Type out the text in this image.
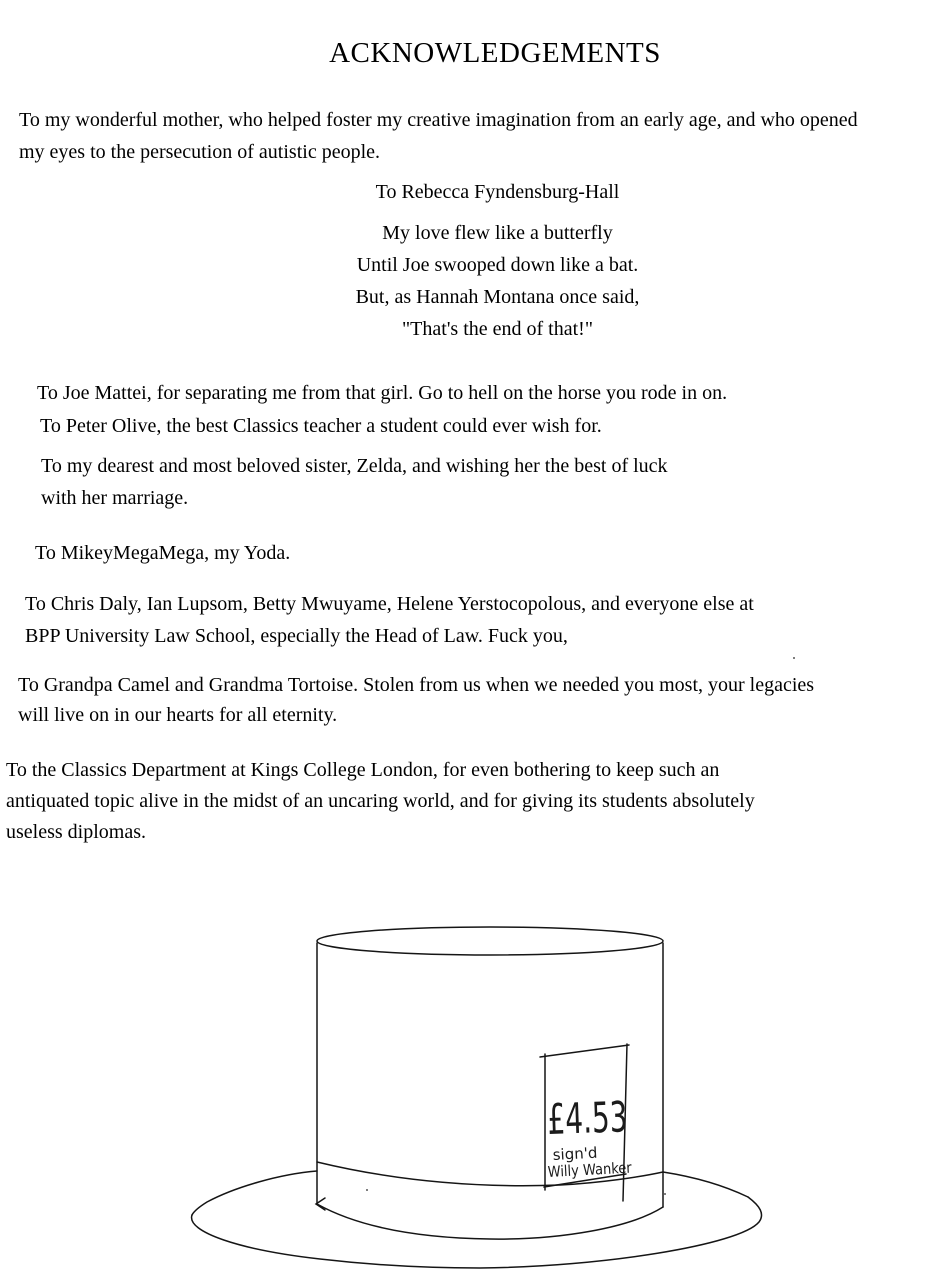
ACKNOWLEDGEMENTS

To my wonderful mother, who helped foster my creative imagination from an early age, and who opened
my eyes to the persecution of autistic people.

To Rebecca Fyndensburg-Hall

My love flew like a butterfly
Until Joe swooped down like a bat.
But, as Hannah Montana once said,
"That's the end of that!"

To Joe Mattei, for separating me from that girl. Go to hell on the horse you rode in on.

To Peter Olive, the best Classics teacher a student could ever wish for.

To my dearest and most beloved sister, Zelda, and wishing her the best of luck
with her marriage.

To MikeyMegaMega, my Yoda.

To Chris Daly, Ian Lupsom, Betty Mwuyame, Helene Yerstocopolous, and everyone else at
BPP University Law School, especially the Head of Law. Fuck you,

To Grandpa Camel and Grandma Tortoise. Stolen from us when we needed you most, your legacies
will live on in our hearts for all eternity.

To the Classics Department at Kings College London, for even bothering to keep such an
antiquated topic alive in the midst of an uncaring world, and for giving its students absolutely
useless diplomas.

£4.53
sign'd
Willy Wanker
